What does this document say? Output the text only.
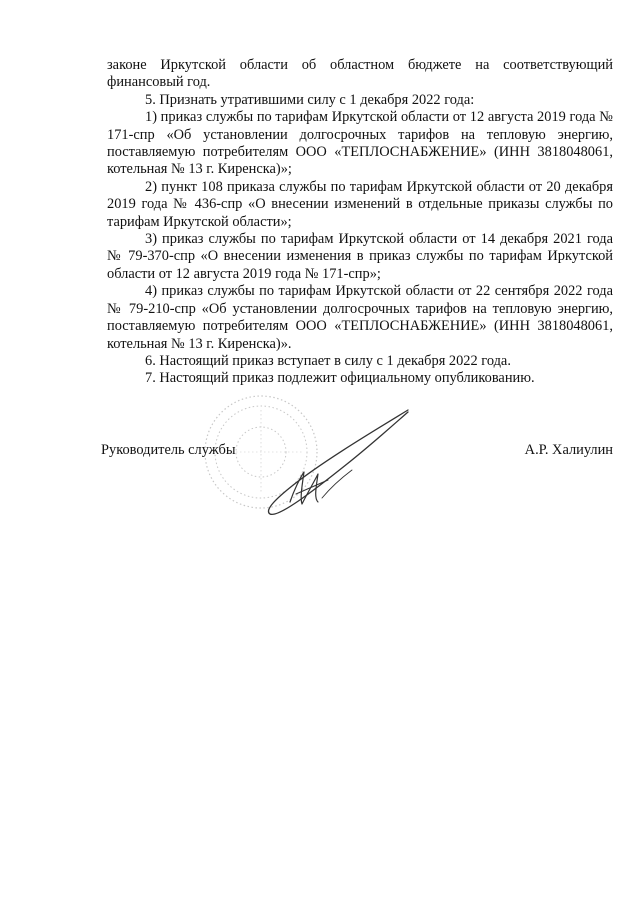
законе Иркутской области об областном бюджете на соответствующий финансовый год.

5. Признать утратившими силу с 1 декабря 2022 года:

1) приказ службы по тарифам Иркутской области от 12 августа 2019 года № 171-спр «Об установлении долгосрочных тарифов на тепловую энергию, поставляемую потребителям ООО «ТЕПЛОСНАБЖЕНИЕ» (ИНН 3818048061, котельная № 13 г. Киренска)»;

2) пункт 108 приказа службы по тарифам Иркутской области от 20 декабря 2019 года № 436-спр «О внесении изменений в отдельные приказы службы по тарифам Иркутской области»;

3) приказ службы по тарифам Иркутской области от 14 декабря 2021 года № 79-370-спр «О внесении изменения в приказ службы по тарифам Иркутской области от 12 августа 2019 года № 171-спр»;

4) приказ службы по тарифам Иркутской области от 22 сентября 2022 года № 79-210-спр «Об установлении долгосрочных тарифов на тепловую энергию, поставляемую потребителям ООО «ТЕПЛОСНАБЖЕНИЕ» (ИНН 3818048061, котельная № 13 г. Киренска)».

6. Настоящий приказ вступает в силу с 1 декабря 2022 года.

7. Настоящий приказ подлежит официальному опубликованию.

Руководитель службы	А.Р. Халиулин
